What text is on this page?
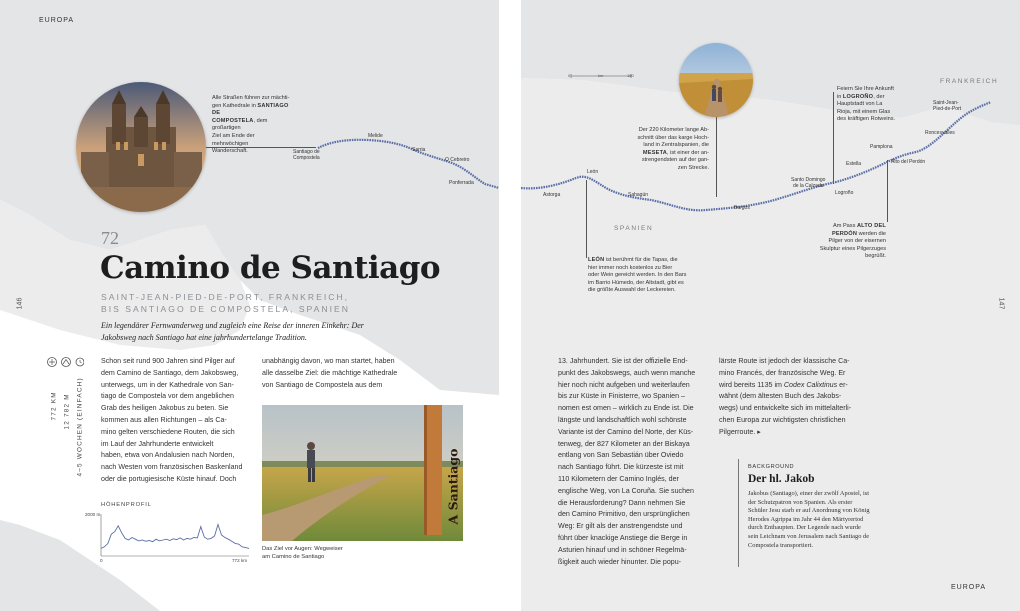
EUROPA
146
Alle Straßen führen zur mächti-
gen Kathedrale in SANTIAGO DE
COMPOSTELA, dem großartigen
Ziel am Ende der mehrwöchigen
Wanderschaft.	Santiago de
Compostela
Melide
Sarria
O Cebreiro
Ponferrada
72
Camino de Santiago
SAINT-JEAN-PIED-DE-PORT, FRANKREICH,
BIS SANTIAGO DE COMPOSTELA, SPANIEN
Ein legendärer Fernwanderweg und zugleich eine Reise der inneren Einkehr: Der
Jakobsweg nach Santiago hat eine jahrhundertelange Tradition.
772 KM 12 782 M 4–5 WOCHEN (EINFACH)

Schon seit rund 900 Jahren sind Pilger auf

dem Camino de Santiago, dem Jakobsweg,

unterwegs, um in der Kathedrale von San-

tiago de Compostela vor dem angeblichen

Grab des heiligen Jakobus zu beten. Sie

kommen aus allen Richtungen – als Ca-

mino gelten verschiedene Routen, die sich

im Lauf der Jahrhunderte entwickelt

haben, etwa von Andalusien nach Norden,

nach Westen vom französischen Baskenland

oder die portugiesische Küste hinauf. Doch

unabhängig davon, wo man startet, haben

alle dasselbe Ziel: die mächtige Kathedrale

von Santiago de Compostela aus dem

A Santiago
Das Ziel vor Augen: Wegweiser
am Camino de Santiago
HÖHENPROFIL
2000 m
0	772 km
0	km	100
147
EUROPA
FRANKREICH
SPANIEN
Der 220 Kilometer lange Ab-
schnitt über das karge Hoch-
land in Zentralspanien, die
MESETA, ist einer der an-
strengendsten auf der gan-
zen Strecke.
LEÓN ist berühmt für die Tapas, die
hier immer noch kostenlos zu Bier
oder Wein gereicht werden. In den Bars
im Barrio Húmedo, der Altstadt, gibt es
die größte Auswahl der Leckereien.
Feiern Sie Ihre Ankunft
in LOGROÑO, der
Hauptstadt von La
Rioja, mit einem Glas
des kräftigen Rotweins.
Am Pass ALTO DEL
PERDÓN werden die
Pilger von der eisernen
Skulptur eines Pilgerzuges
begrüßt.
Astorga
León
Sahagún
Burgos
Santo Domingo
de la Calzada
Logroño
Estella
Pamplona
Alto del Perdón
Roncesvalles
Saint-Jean-
Pied-de-Port

13. Jahrhundert. Sie ist der offizielle End-

punkt des Jakobswegs, auch wenn manche

hier noch nicht aufgeben und weiterlaufen

bis zur Küste in Finisterre, wo Spanien –

nomen est omen – wirklich zu Ende ist. Die

längste und landschaftlich wohl schönste

Variante ist der Camino del Norte, der Küs-

tenweg, der 827 Kilometer an der Biskaya

entlang von San Sebastián über Oviedo

nach Santiago führt. Die kürzeste ist mit

110 Kilometern der Camino Inglés, der

englische Weg, von La Coruña. Sie suchen

die Herausforderung? Dann nehmen Sie

den Camino Primitivo, den ursprünglichen

Weg: Er gilt als der anstrengendste und

führt über knackige Anstiege die Berge in

Asturien hinauf und in schöner Regelmä-

ßigkeit auch wieder hinunter. Die popu-

lärste Route ist jedoch der klassische Ca-

mino Francés, der französische Weg. Er

wird bereits 1135 im Codex Calixtinus er-

wähnt (dem ältesten Buch des Jakobs-

wegs) und entwickelte sich im mittelalterli-

chen Europa zur wichtigsten christlichen

Pilgerroute. ▸

BACKGROUND
Der hl. Jakob
Jakobus (Santiago), einer der zwölf Apostel, ist
der Schutzpatron von Spanien. Als erster
Schüler Jesu starb er auf Anordnung von König
Herodes Agrippa im Jahr 44 den Märtyrertod
durch Enthaupten. Der Legende nach wurde
sein Leichnam von Jerusalem nach Santiago de
Compostela transportiert.
